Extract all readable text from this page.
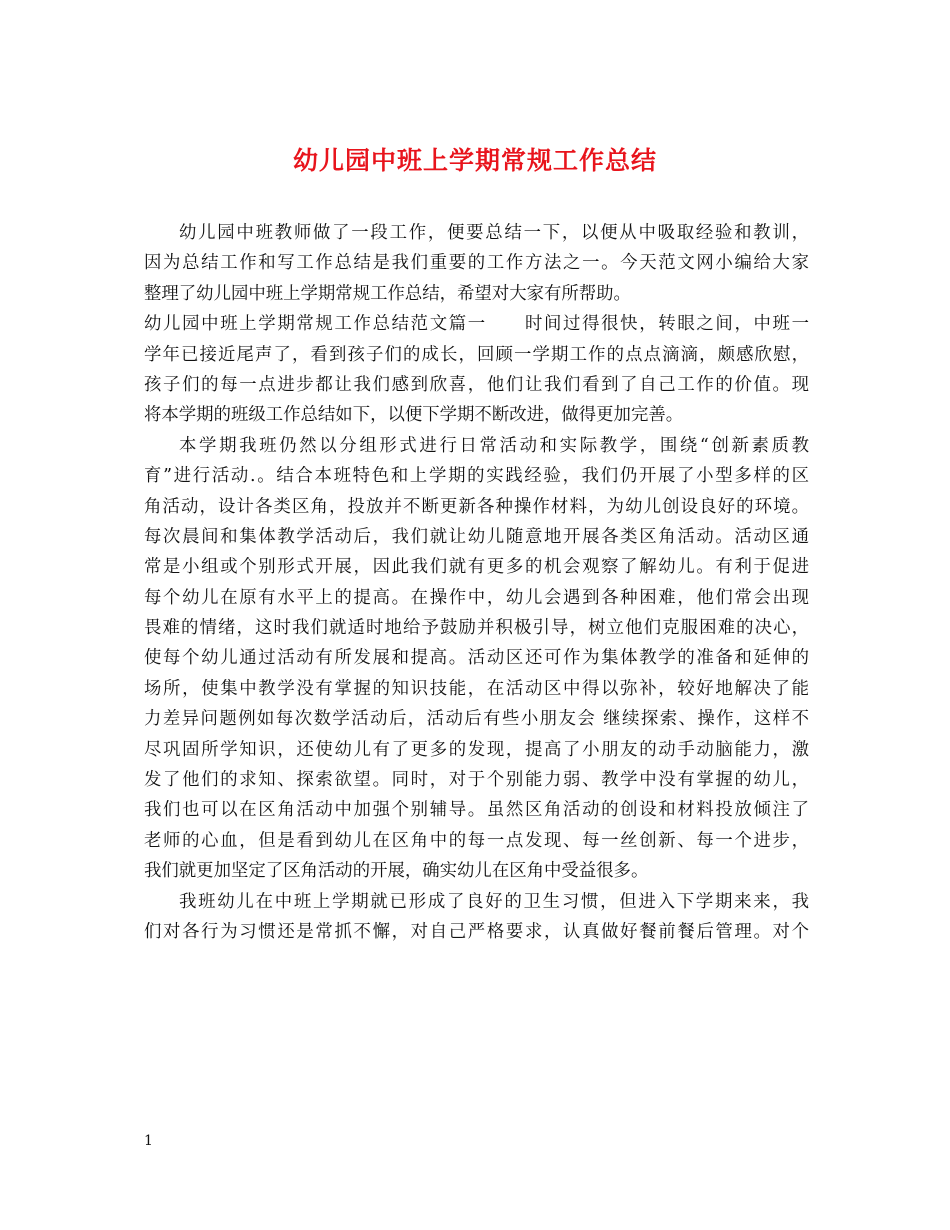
幼儿园中班上学期常规工作总结
幼儿园中班教师做了一段工作，便要总结一下，以便从中吸取经验和教训，
因为总结工作和写工作总结是我们重要的工作方法之一。今天范文网小编给大家
整理了幼儿园中班上学期常规工作总结，希望对大家有所帮助。
幼儿园中班上学期常规工作总结范文篇一　　时间过得很快，转眼之间，中班一
学年已接近尾声了，看到孩子们的成长，回顾一学期工作的点点滴滴，颇感欣慰，
孩子们的每一点进步都让我们感到欣喜，他们让我们看到了自己工作的价值。现
将本学期的班级工作总结如下，以便下学期不断改进，做得更加完善。
本学期我班仍然以分组形式进行日常活动和实际教学，围绕“创新素质教
育”进行活动.。结合本班特色和上学期的实践经验，我们仍开展了小型多样的区
角活动，设计各类区角，投放并不断更新各种操作材料，为幼儿创设良好的环境。
每次晨间和集体教学活动后，我们就让幼儿随意地开展各类区角活动。活动区通
常是小组或个别形式开展，因此我们就有更多的机会观察了解幼儿。有利于促进
每个幼儿在原有水平上的提高。在操作中，幼儿会遇到各种困难，他们常会出现
畏难的情绪，这时我们就适时地给予鼓励并积极引导，树立他们克服困难的决心，
使每个幼儿通过活动有所发展和提高。活动区还可作为集体教学的准备和延伸的
场所，使集中教学没有掌握的知识技能，在活动区中得以弥补，较好地解决了能
力差异问题例如每次数学活动后，活动后有些小朋友会 继续探索、操作，这样不
尽巩固所学知识，还使幼儿有了更多的发现，提高了小朋友的动手动脑能力，激
发了他们的求知、探索欲望。同时，对于个别能力弱、教学中没有掌握的幼儿，
我们也可以在区角活动中加强个别辅导。虽然区角活动的创设和材料投放倾注了
老师的心血，但是看到幼儿在区角中的每一点发现、每一丝创新、每一个进步，
我们就更加坚定了区角活动的开展，确实幼儿在区角中受益很多。
我班幼儿在中班上学期就已形成了良好的卫生习惯，但进入下学期来来，我
们对各行为习惯还是常抓不懈，对自己严格要求，认真做好餐前餐后管理。对个
1
